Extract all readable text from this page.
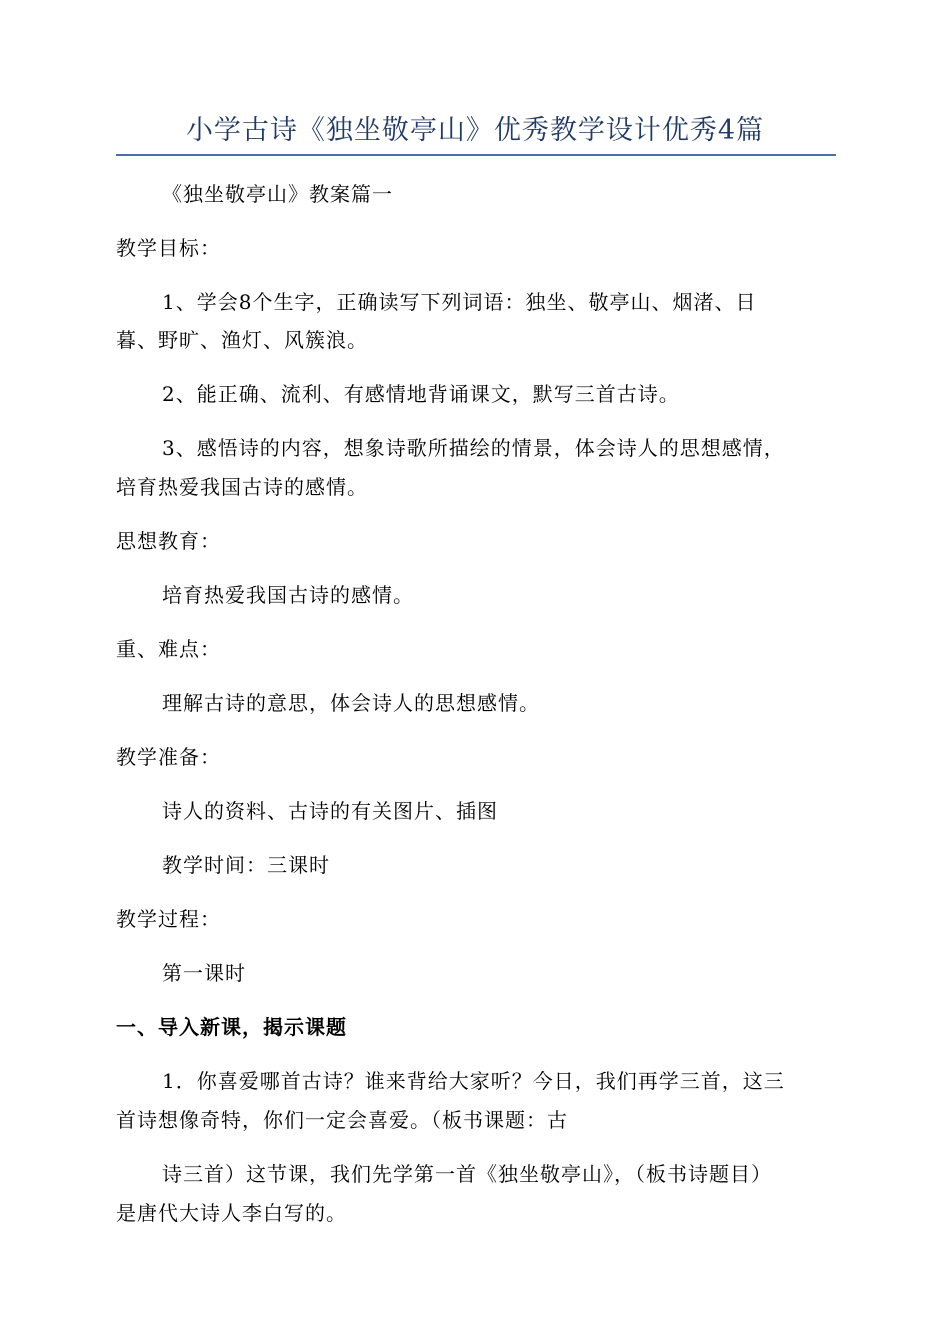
小学古诗《独坐敬亭山》优秀教学设计优秀4篇
《独坐敬亭山》教案篇一
教学目标：
1、学会8个生字，正确读写下列词语：独坐、敬亭山、烟渚、日
暮、野旷、渔灯、风簇浪。
2、能正确、流利、有感情地背诵课文，默写三首古诗。
3、感悟诗的内容，想象诗歌所描绘的情景，体会诗人的思想感情，
培育热爱我国古诗的感情。
思想教育：
培育热爱我国古诗的感情。
重、难点：
理解古诗的意思，体会诗人的思想感情。
教学准备：
诗人的资料、古诗的有关图片、插图
教学时间：三课时
教学过程：
第一课时
一、导入新课，揭示课题
1．你喜爱哪首古诗？谁来背给大家听？今日，我们再学三首，这三
首诗想像奇特，你们一定会喜爱。（板书课题：古
诗三首）这节课，我们先学第一首《独坐敬亭山》，（板书诗题目）
是唐代大诗人李白写的。
